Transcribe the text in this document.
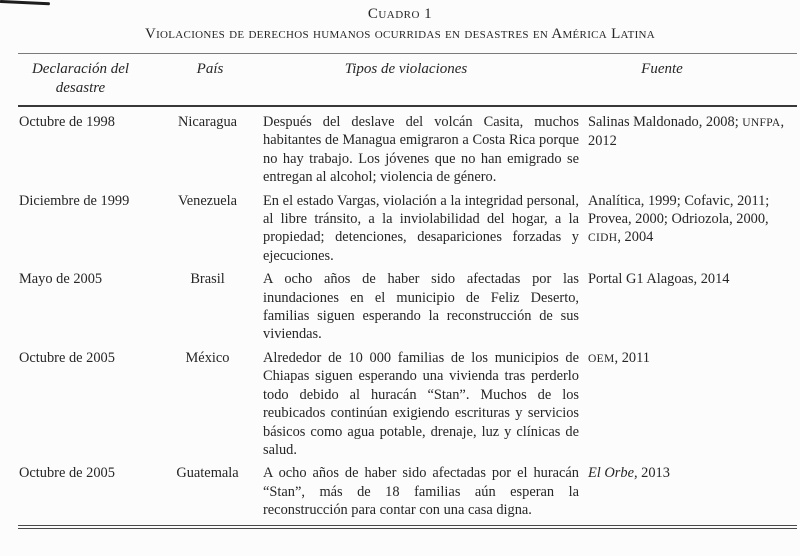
Cuadro 1
Violaciones de derechos humanos ocurridas en desastres en América Latina
Declaración del desastre	País	Tipos de violaciones	Fuente
Octubre de 1998	Nicaragua	Después del deslave del volcán Casita, muchos habitantes de Managua emigraron a Costa Rica porque no hay trabajo. Los jóvenes que no han emigrado se entregan al alcohol; violencia de género.	Salinas Maldonado, 2008; UNFPA, 2012
Diciembre de 1999	Venezuela	En el estado Vargas, violación a la integridad personal, al libre tránsito, a la inviolabilidad del hogar, a la propiedad; detenciones, desapariciones forzadas y ejecuciones.	Analítica, 1999; Cofavic, 2011; Provea, 2000; Odriozola, 2000, CIDH, 2004
Mayo de 2005	Brasil	A ocho años de haber sido afectadas por las inundaciones en el municipio de Feliz Deserto, familias siguen esperando la reconstrucción de sus viviendas.	Portal G1 Alagoas, 2014
Octubre de 2005	México	Alrededor de 10 000 familias de los municipios de Chiapas siguen esperando una vivienda tras perderlo todo debido al huracán “Stan”. Muchos de los reubicados continúan exigiendo escrituras y servicios básicos como agua potable, drenaje, luz y clínicas de salud.	OEM, 2011
Octubre de 2005	Guatemala	A ocho años de haber sido afectadas por el huracán “Stan”, más de 18 familias aún esperan la reconstrucción para contar con una casa digna.	El Orbe, 2013
